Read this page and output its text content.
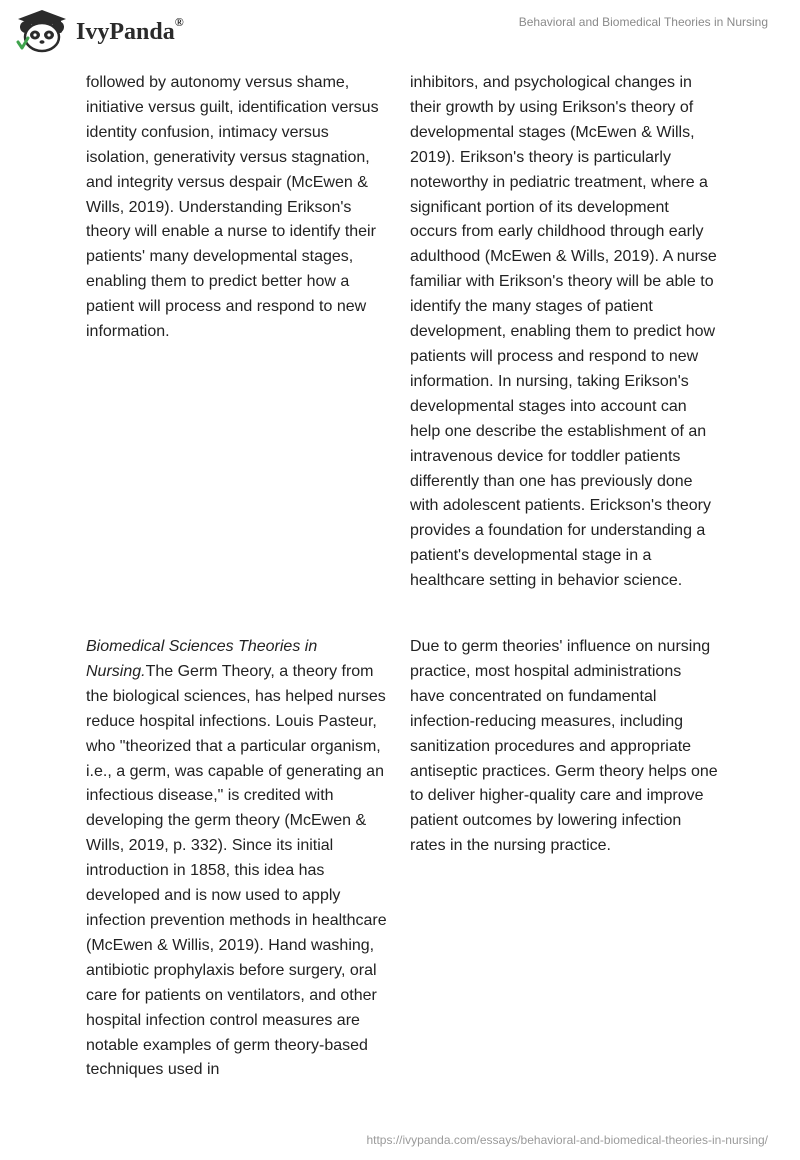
IvyPanda®	Behavioral and Biomedical Theories in Nursing

followed by autonomy versus shame, initiative versus guilt, identification versus identity confusion, intimacy versus isolation, generativity versus stagnation, and integrity versus despair (McEwen & Wills, 2019). Understanding Erikson's theory will enable a nurse to identify their patients' many developmental stages, enabling them to predict better how a patient will process and respond to new information.

inhibitors, and psychological changes in their growth by using Erikson's theory of developmental stages (McEwen & Wills, 2019). Erikson's theory is particularly noteworthy in pediatric treatment, where a significant portion of its development occurs from early childhood through early adulthood (McEwen & Wills, 2019). A nurse familiar with Erikson's theory will be able to identify the many stages of patient development, enabling them to predict how patients will process and respond to new information. In nursing, taking Erikson's developmental stages into account can help one describe the establishment of an intravenous device for toddler patients differently than one has previously done with adolescent patients. Erickson's theory provides a foundation for understanding a patient's developmental stage in a healthcare setting in behavior science.

Biomedical Sciences Theories in Nursing.The Germ Theory, a theory from the biological sciences, has helped nurses reduce hospital infections. Louis Pasteur, who "theorized that a particular organism, i.e., a germ, was capable of generating an infectious disease," is credited with developing the germ theory (McEwen & Wills, 2019, p. 332). Since its initial introduction in 1858, this idea has developed and is now used to apply infection prevention methods in healthcare (McEwen & Willis, 2019). Hand washing, antibiotic prophylaxis before surgery, oral care for patients on ventilators, and other hospital infection control measures are notable examples of germ theory-based techniques used in

Due to germ theories' influence on nursing practice, most hospital administrations have concentrated on fundamental infection-reducing measures, including sanitization procedures and appropriate antiseptic practices. Germ theory helps one to deliver higher-quality care and improve patient outcomes by lowering infection rates in the nursing practice.

https://ivypanda.com/essays/behavioral-and-biomedical-theories-in-nursing/
